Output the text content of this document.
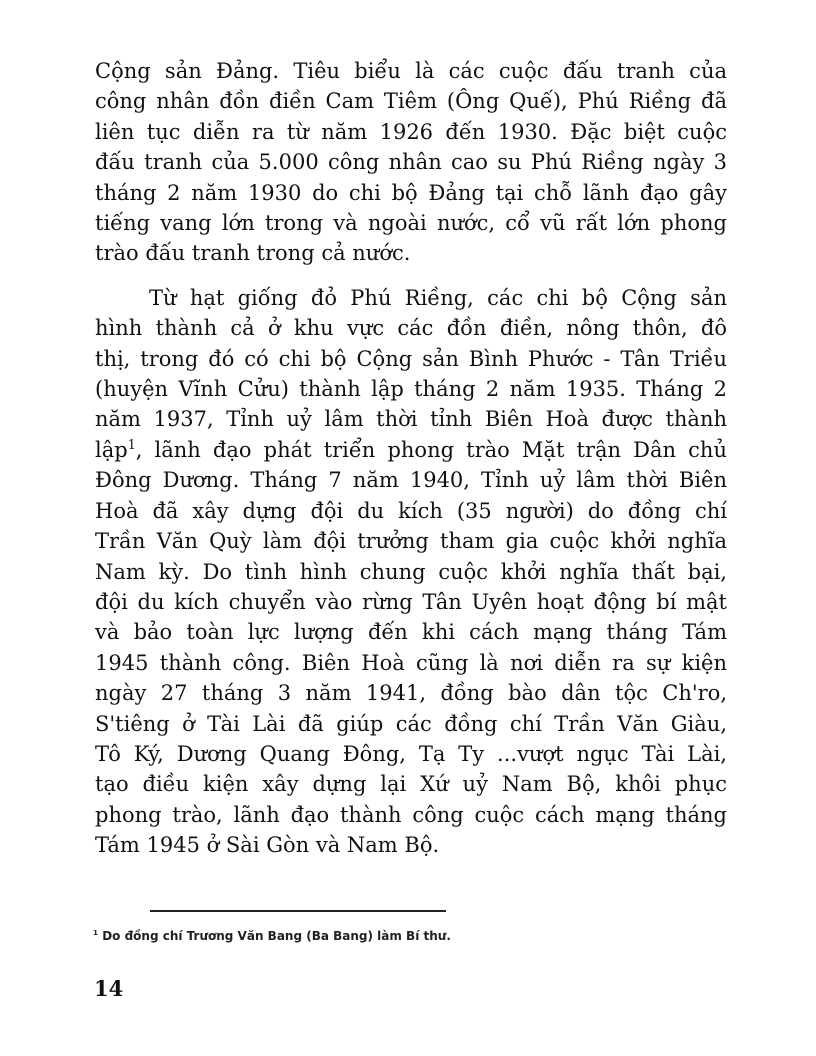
Cộng sản Đảng. Tiêu biểu là các cuộc đấu tranh của
công nhân đồn điền Cam Tiêm (Ông Quế), Phú Riềng đã
liên tục diễn ra từ năm 1926 đến 1930. Đặc biệt cuộc
đấu tranh của 5.000 công nhân cao su Phú Riềng ngày 3
tháng 2 năm 1930 do chi bộ Đảng tại chỗ lãnh đạo gây
tiếng vang lớn trong và ngoài nước, cổ vũ rất lớn phong
trào đấu tranh trong cả nước.
Từ hạt giống đỏ Phú Riềng, các chi bộ Cộng sản
hình thành cả ở khu vực các đồn điền, nông thôn, đô
thị, trong đó có chi bộ Cộng sản Bình Phước - Tân Triều
(huyện Vĩnh Cửu) thành lập tháng 2 năm 1935. Tháng 2
năm 1937, Tỉnh uỷ lâm thời tỉnh Biên Hoà được thành
lập$^1$, lãnh đạo phát triển phong trào Mặt trận Dân chủ
Đông Dương. Tháng 7 năm 1940, Tỉnh uỷ lâm thời Biên
Hoà đã xây dựng đội du kích (35 người) do đồng chí
Trần Văn Quỳ làm đội trưởng tham gia cuộc khởi nghĩa
Nam kỳ. Do tình hình chung cuộc khởi nghĩa thất bại,
đội du kích chuyển vào rừng Tân Uyên hoạt động bí mật
và bảo toàn lực lượng đến khi cách mạng tháng Tám
1945 thành công. Biên Hoà cũng là nơi diễn ra sự kiện
ngày 27 tháng 3 năm 1941, đồng bào dân tộc Ch'ro,
S'tiêng ở Tài Lài đã giúp các đồng chí Trần Văn Giàu,
Tô Ký, Dương Quang Đông, Tạ Ty ...vượt ngục Tài Lài,
tạo điều kiện xây dựng lại Xứ uỷ Nam Bộ, khôi phục
phong trào, lãnh đạo thành công cuộc cách mạng tháng
Tám 1945 ở Sài Gòn và Nam Bộ.
$^1$ Do đồng chí Trương Văn Bang (Ba Bang) làm Bí thư.
14
